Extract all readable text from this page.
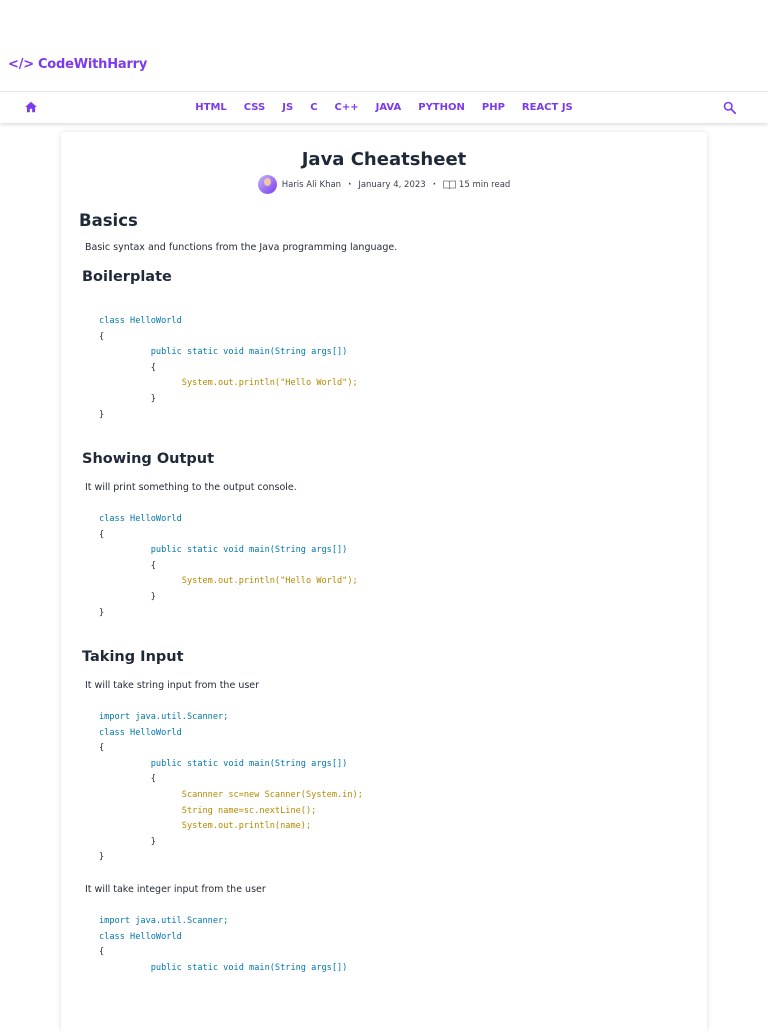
</> CodeWithHarry
HTML	CSS	JS	C	C++	JAVA	PYTHON	PHP	REACT JS
Java Cheatsheet
Haris Ali Khan · January 4, 2023 ·	15 min read
Basics
Basic syntax and functions from the Java programming language.
Boilerplate
class HelloWorld
{
public static void main(String args[])
{
System.out.println("Hello World");
}
}
Showing Output
It will print something to the output console.
class HelloWorld
{
public static void main(String args[])
{
System.out.println("Hello World");
}
}
Taking Input
It will take string input from the user
import java.util.Scanner;
class HelloWorld
{
public static void main(String args[])
{
Scannner sc=new Scanner(System.in);
String name=sc.nextLine();
System.out.println(name);
}
}
It will take integer input from the user
import java.util.Scanner;
class HelloWorld
{
public static void main(String args[])
